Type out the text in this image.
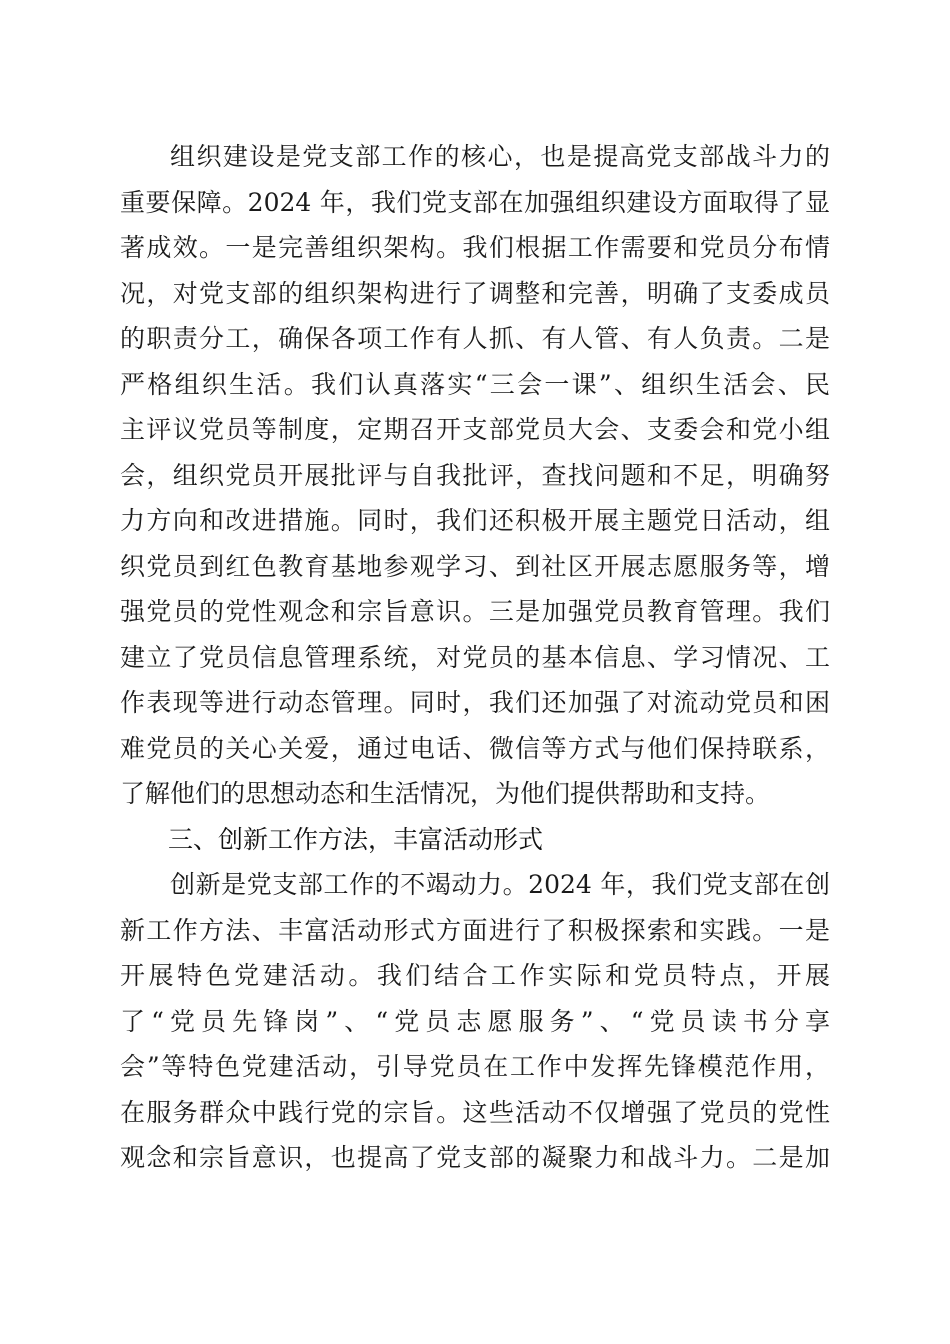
组织建设是党支部工作的核心，也是提高党支部战斗力的
重要保障。2024 年，我们党支部在加强组织建设方面取得了显
著成效。一是完善组织架构。我们根据工作需要和党员分布情
况，对党支部的组织架构进行了调整和完善，明确了支委成员
的职责分工，确保各项工作有人抓、有人管、有人负责。二是
严格组织生活。我们认真落实“三会一课”、组织生活会、民
主评议党员等制度，定期召开支部党员大会、支委会和党小组
会，组织党员开展批评与自我批评，查找问题和不足，明确努
力方向和改进措施。同时，我们还积极开展主题党日活动，组
织党员到红色教育基地参观学习、到社区开展志愿服务等，增
强党员的党性观念和宗旨意识。三是加强党员教育管理。我们
建立了党员信息管理系统，对党员的基本信息、学习情况、工
作表现等进行动态管理。同时，我们还加强了对流动党员和困
难党员的关心关爱，通过电话、微信等方式与他们保持联系，
了解他们的思想动态和生活情况，为他们提供帮助和支持。
三、创新工作方法，丰富活动形式
创新是党支部工作的不竭动力。2024 年，我们党支部在创
新工作方法、丰富活动形式方面进行了积极探索和实践。一是
开展特色党建活动。我们结合工作实际和党员特点，开展
了“党员先锋岗”、“党员志愿服务”、“党员读书分享
会”等特色党建活动，引导党员在工作中发挥先锋模范作用，
在服务群众中践行党的宗旨。这些活动不仅增强了党员的党性
观念和宗旨意识，也提高了党支部的凝聚力和战斗力。二是加
